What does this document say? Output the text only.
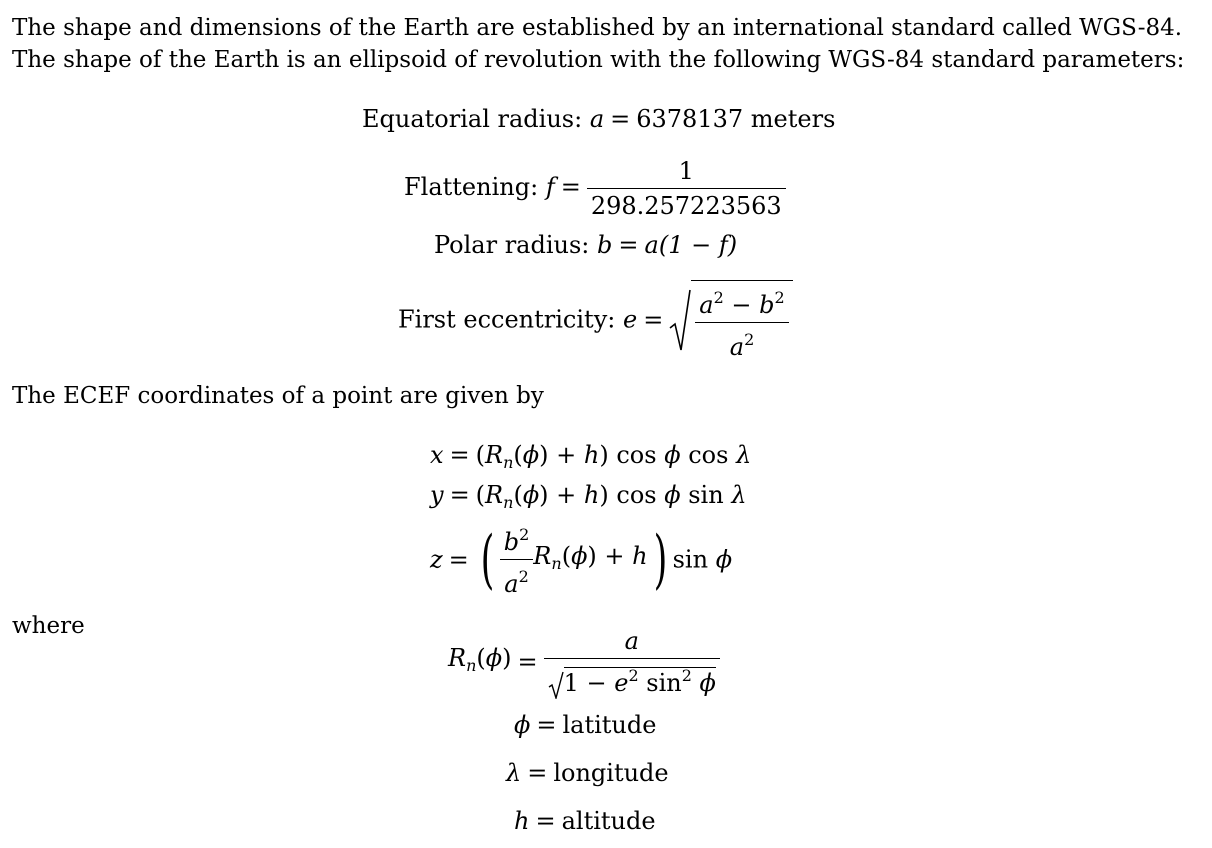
The shape and dimensions of the Earth are established by an international standard called WGS-84.
The shape of the Earth is an ellipsoid of revolution with the following WGS-84 standard parameters:
Equatorial radius: a = 6378137 meters
Flattening: $f = \frac{1}{298.257223563}$
Polar radius: b = a(1 − f)
First eccentricity: $e = \frac{a^2 - b^2}{a^2}$
The ECEF coordinates of a point are given by
$x = (R_n(\phi) + h)$ cos ϕ cos λ
$y = (R_n(\phi) + h)$ cos ϕ sin λ
z = ( $\frac{b^2}{a^2} R_n(\phi) + h$) sin ϕ
where
$R_n(\phi) = \frac{a}{1 - e^2 \sin^2 \phi}$
ϕ = latitude
λ = longitude
h = altitude
